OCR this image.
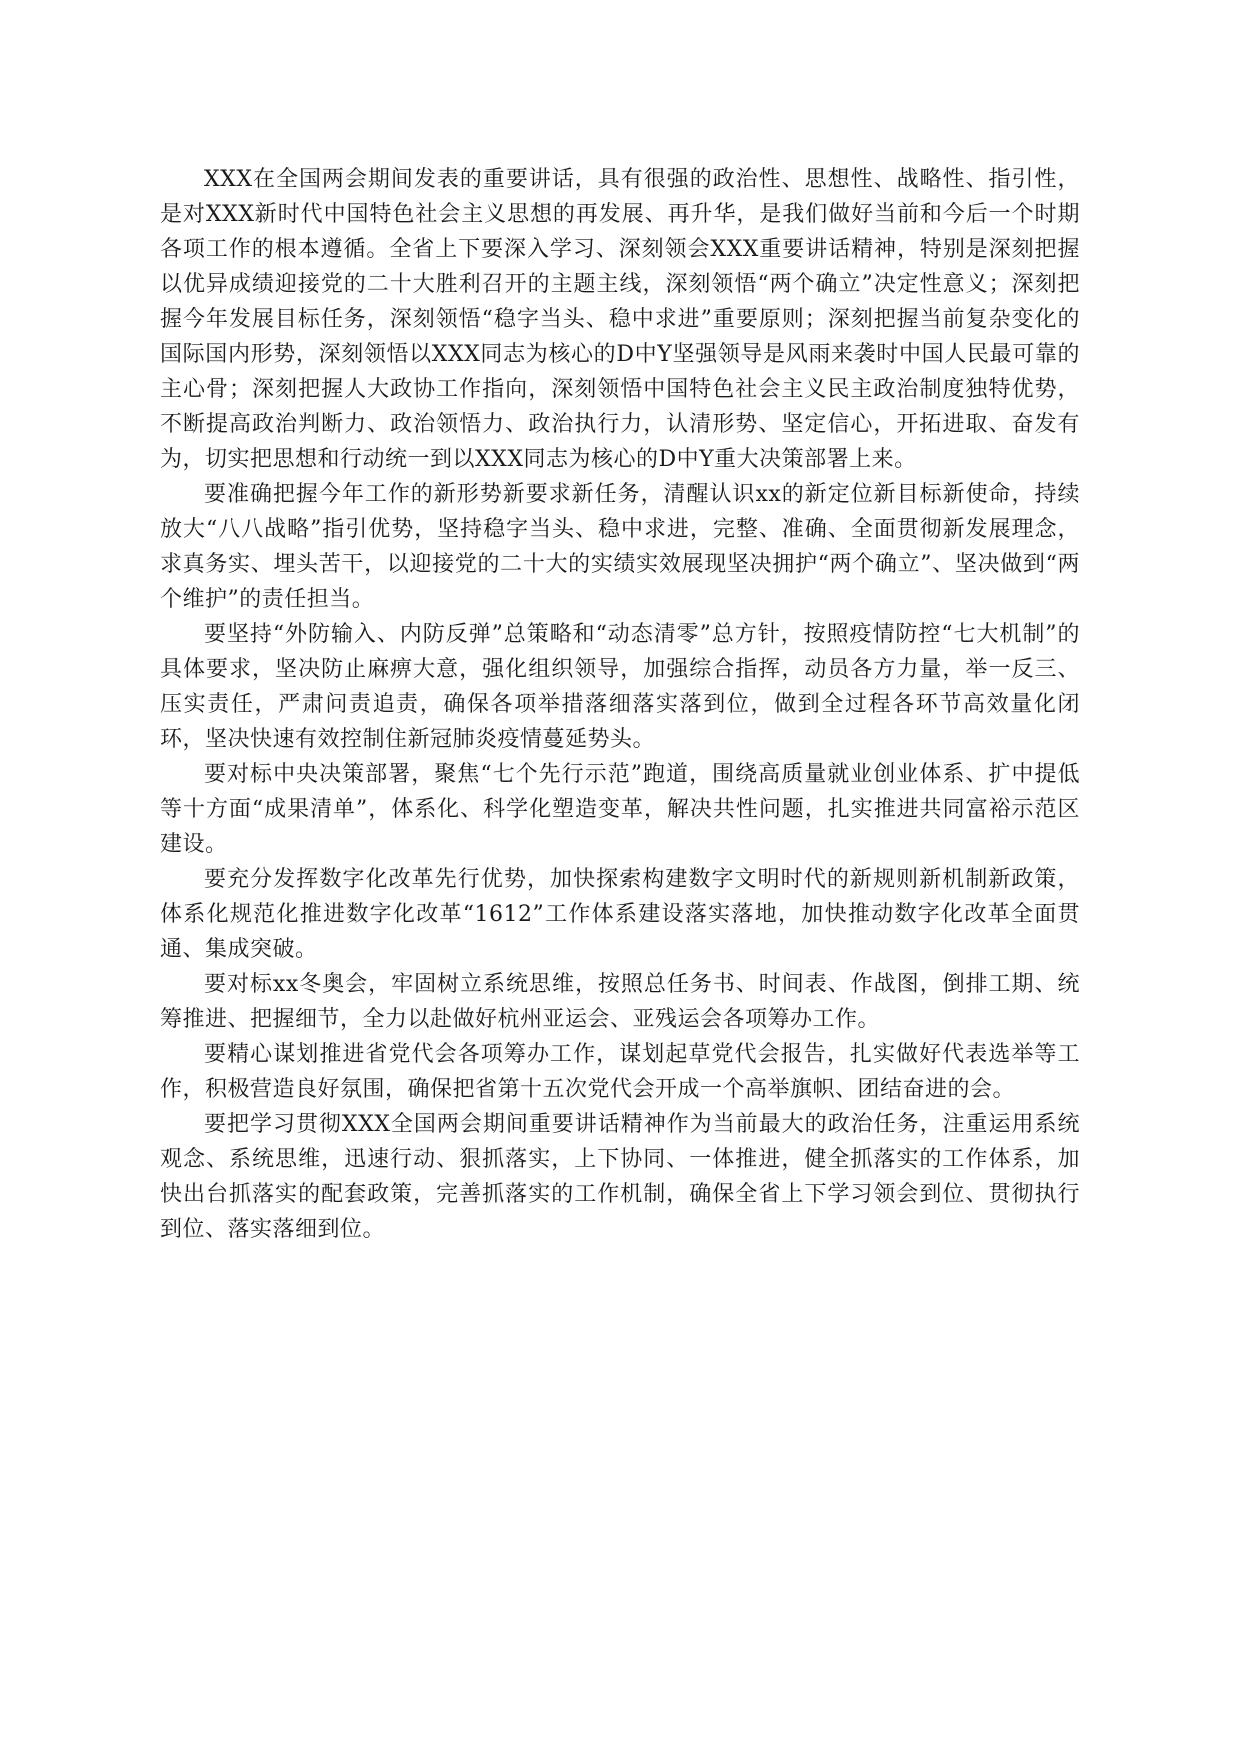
XXX在全国两会期间发表的重要讲话，具有很强的政治性、思想性、战略性、指引性，是对XXX新时代中国特色社会主义思想的再发展、再升华，是我们做好当前和今后一个时期各项工作的根本遵循。全省上下要深入学习、深刻领会XXX重要讲话精神，特别是深刻把握以优异成绩迎接党的二十大胜利召开的主题主线，深刻领悟“两个确立”决定性意义；深刻把握今年发展目标任务，深刻领悟“稳字当头、稳中求进”重要原则；深刻把握当前复杂变化的国际国内形势，深刻领悟以XXX同志为核心的D中Y坚强领导是风雨来袭时中国人民最可靠的主心骨；深刻把握人大政协工作指向，深刻领悟中国特色社会主义民主政治制度独特优势，不断提高政治判断力、政治领悟力、政治执行力，认清形势、坚定信心，开拓进取、奋发有为，切实把思想和行动统一到以XXX同志为核心的D中Y重大决策部署上来。

要准确把握今年工作的新形势新要求新任务，清醒认识xx的新定位新目标新使命，持续放大“八八战略”指引优势，坚持稳字当头、稳中求进，完整、准确、全面贯彻新发展理念，求真务实、埋头苦干，以迎接党的二十大的实绩实效展现坚决拥护“两个确立”、坚决做到“两个维护”的责任担当。

要坚持“外防输入、内防反弹”总策略和“动态清零”总方针，按照疫情防控“七大机制”的具体要求，坚决防止麻痹大意，强化组织领导，加强综合指挥，动员各方力量，举一反三、压实责任，严肃问责追责，确保各项举措落细落实落到位，做到全过程各环节高效量化闭环，坚决快速有效控制住新冠肺炎疫情蔓延势头。

要对标中央决策部署，聚焦“七个先行示范”跑道，围绕高质量就业创业体系、扩中提低等十方面“成果清单”，体系化、科学化塑造变革，解决共性问题，扎实推进共同富裕示范区建设。

要充分发挥数字化改革先行优势，加快探索构建数字文明时代的新规则新机制新政策，体系化规范化推进数字化改革“1612”工作体系建设落实落地，加快推动数字化改革全面贯通、集成突破。

要对标xx冬奥会，牢固树立系统思维，按照总任务书、时间表、作战图，倒排工期、统筹推进、把握细节，全力以赴做好杭州亚运会、亚残运会各项筹办工作。

要精心谋划推进省党代会各项筹办工作，谋划起草党代会报告，扎实做好代表选举等工作，积极营造良好氛围，确保把省第十五次党代会开成一个高举旗帜、团结奋进的会。

要把学习贯彻XXX全国两会期间重要讲话精神作为当前最大的政治任务，注重运用系统观念、系统思维，迅速行动、狠抓落实，上下协同、一体推进，健全抓落实的工作体系，加快出台抓落实的配套政策，完善抓落实的工作机制，确保全省上下学习领会到位、贯彻执行到位、落实落细到位。
